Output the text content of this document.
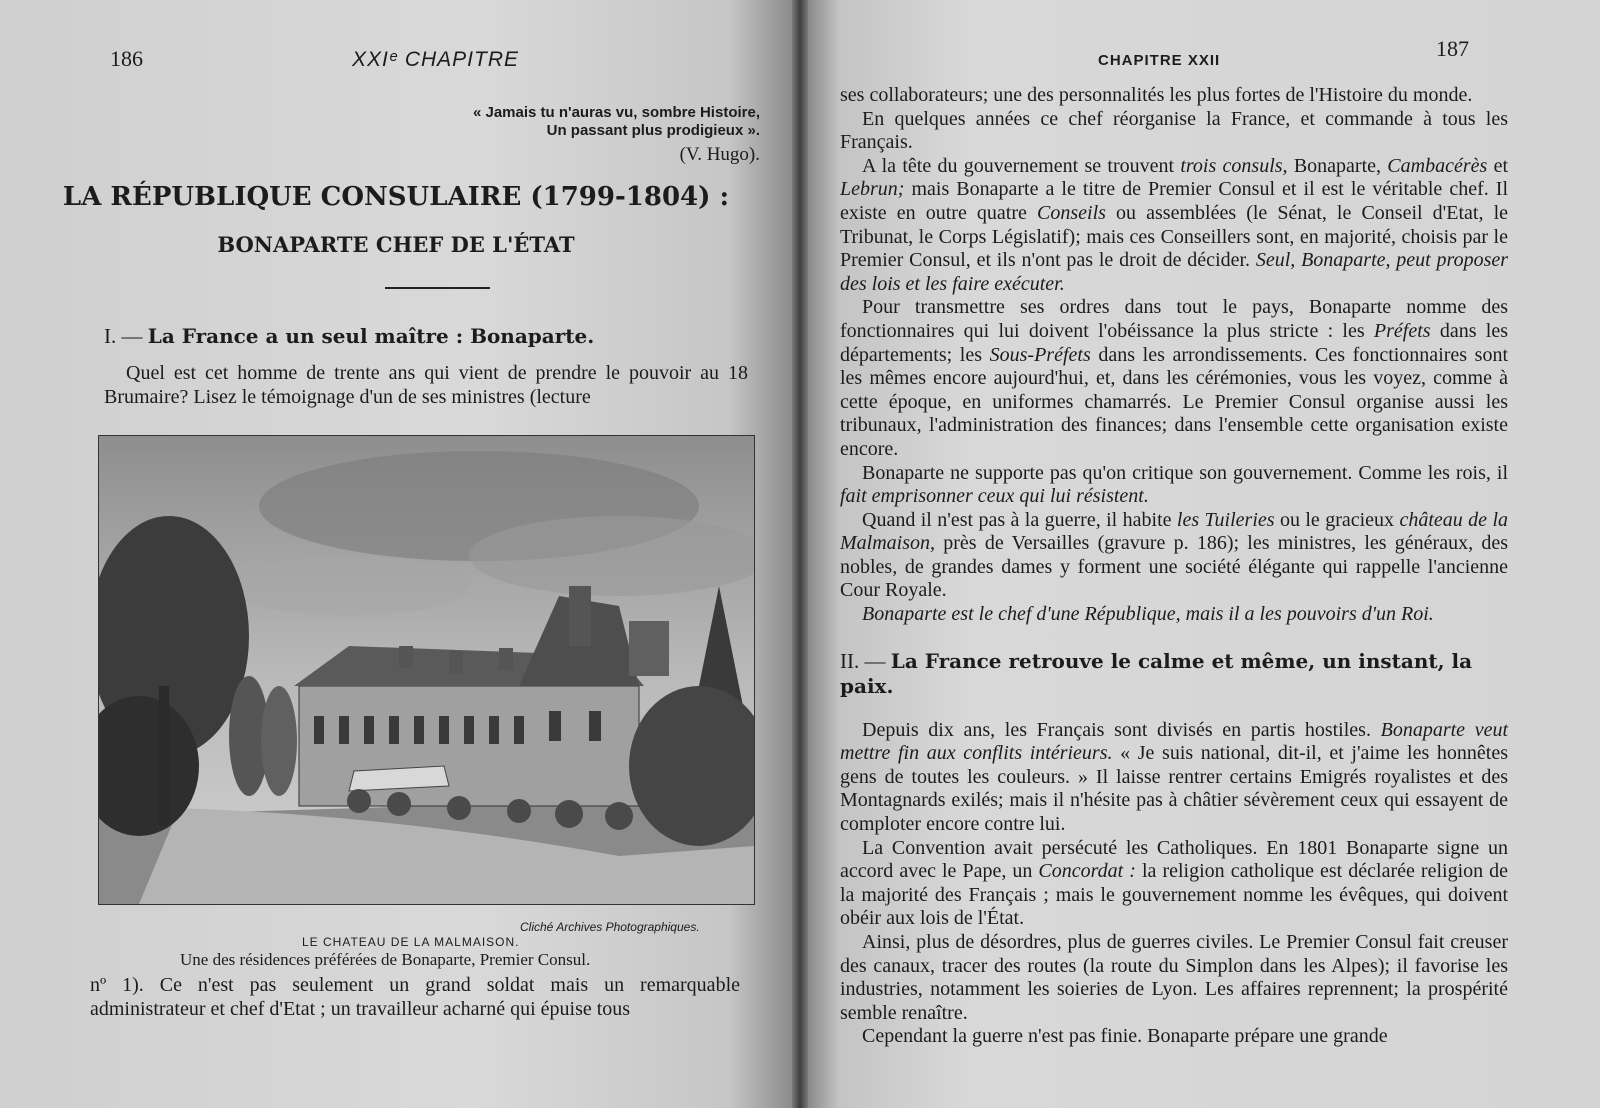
186	XXIᵉ CHAPITRE
« Jamais tu n'auras vu, sombre Histoire,
Un passant plus prodigieux ».
(V. Hugo).
LA RÉPUBLIQUE CONSULAIRE (1799-1804) :
BONAPARTE CHEF DE L'ÉTAT
I. — La France a un seul maître : Bonaparte.

Quel est cet homme de trente ans qui vient de prendre le pouvoir au 18 Brumaire? Lisez le témoignage d'un de ses ministres (lecture

Cliché Archives Photographiques.
LE CHATEAU DE LA MALMAISON.
Une des résidences préférées de Bonaparte, Premier Consul.

nº 1). Ce n'est pas seulement un grand soldat mais un remarquable administrateur et chef d'Etat ; un travailleur acharné qui épuise tous

CHAPITRE XXII	187

ses collaborateurs; une des personnalités les plus fortes de l'Histoire du monde.

En quelques années ce chef réorganise la France, et commande à tous les Français.

A la tête du gouvernement se trouvent trois consuls, Bonaparte, Cambacérès et Lebrun; mais Bonaparte a le titre de Premier Consul et il est le véritable chef. Il existe en outre quatre Conseils ou assemblées (le Sénat, le Conseil d'Etat, le Tribunat, le Corps Législatif); mais ces Conseillers sont, en majorité, choisis par le Premier Consul, et ils n'ont pas le droit de décider. Seul, Bonaparte, peut proposer des lois et les faire exécuter.

Pour transmettre ses ordres dans tout le pays, Bonaparte nomme des fonctionnaires qui lui doivent l'obéissance la plus stricte : les Préfets dans les départements; les Sous-Préfets dans les arrondissements. Ces fonctionnaires sont les mêmes encore aujourd'hui, et, dans les cérémonies, vous les voyez, comme à cette époque, en uniformes chamarrés. Le Premier Consul organise aussi les tribunaux, l'administration des finances; dans l'ensemble cette organisation existe encore.

Bonaparte ne supporte pas qu'on critique son gouvernement. Comme les rois, il fait emprisonner ceux qui lui résistent.

Quand il n'est pas à la guerre, il habite les Tuileries ou le gracieux château de la Malmaison, près de Versailles (gravure p. 186); les ministres, les généraux, des nobles, de grandes dames y forment une société élégante qui rappelle l'ancienne Cour Royale.

Bonaparte est le chef d'une République, mais il a les pouvoirs d'un Roi.

II. — La France retrouve le calme et même, un instant, la paix.

Depuis dix ans, les Français sont divisés en partis hostiles. Bonaparte veut mettre fin aux conflits intérieurs. « Je suis national, dit-il, et j'aime les honnêtes gens de toutes les couleurs. » Il laisse rentrer certains Emigrés royalistes et des Montagnards exilés; mais il n'hésite pas à châtier sévèrement ceux qui essayent de comploter encore contre lui.

La Convention avait persécuté les Catholiques. En 1801 Bonaparte signe un accord avec le Pape, un Concordat : la religion catholique est déclarée religion de la majorité des Français ; mais le gouvernement nomme les évêques, qui doivent obéir aux lois de l'État.

Ainsi, plus de désordres, plus de guerres civiles. Le Premier Consul fait creuser des canaux, tracer des routes (la route du Simplon dans les Alpes); il favorise les industries, notamment les soieries de Lyon. Les affaires reprennent; la prospérité semble renaître.

Cependant la guerre n'est pas finie. Bonaparte prépare une grande
